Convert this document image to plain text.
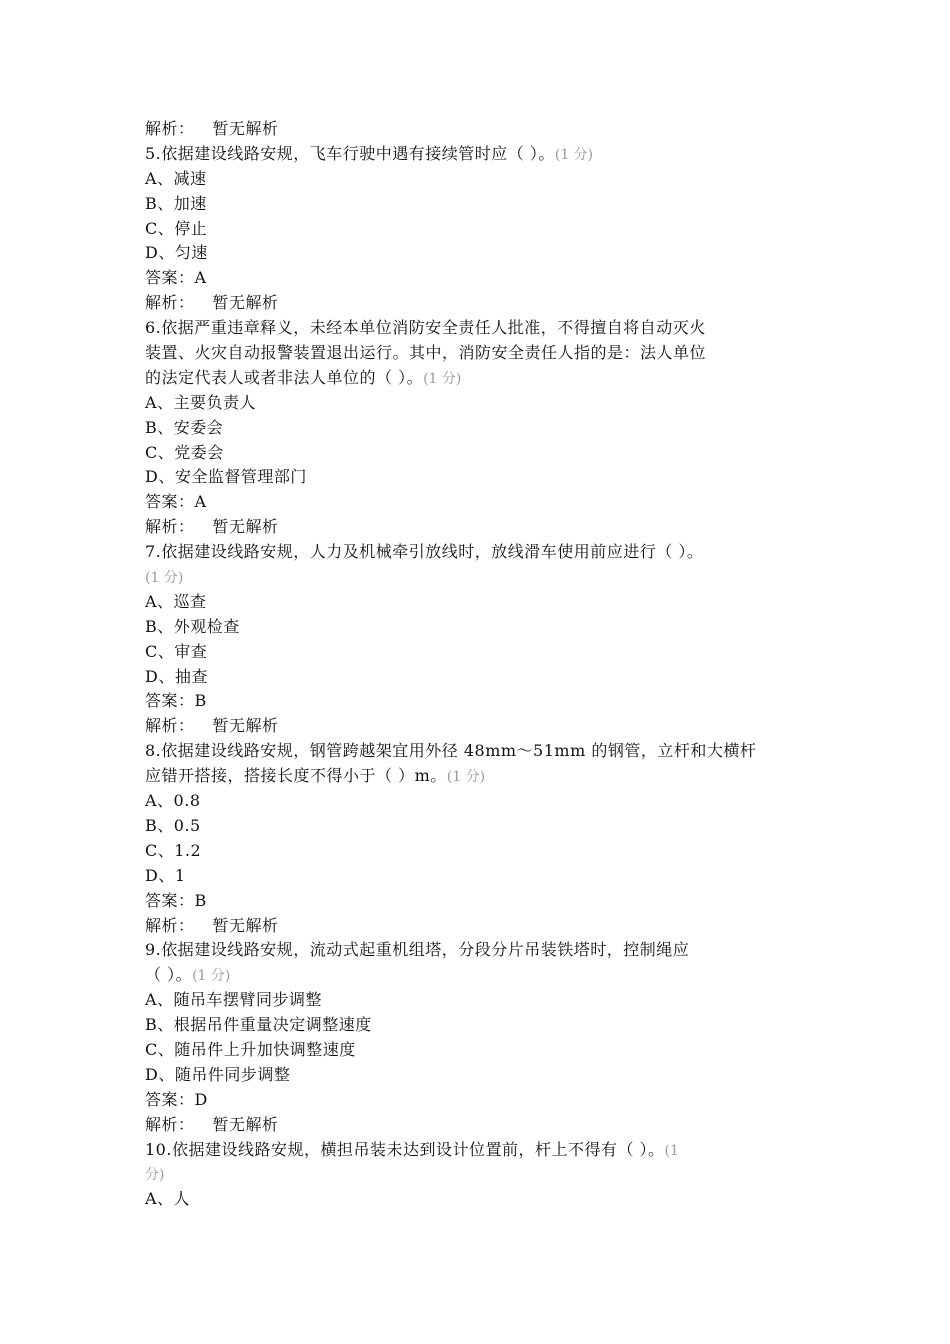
解析： 暂无解析
5.依据建设线路安规，飞车行驶中遇有接续管时应（ ）。(1 分)
A、减速
B、加速
C、停止
D、匀速
答案：A
解析： 暂无解析
6.依据严重违章释义，未经本单位消防安全责任人批准，不得擅自将自动灭火
装置、火灾自动报警装置退出运行。其中，消防安全责任人指的是：法人单位
的法定代表人或者非法人单位的（ ）。(1 分)
A、主要负责人
B、安委会
C、党委会
D、安全监督管理部门
答案：A
解析： 暂无解析
7.依据建设线路安规，人力及机械牵引放线时，放线滑车使用前应进行（ ）。
(1 分)
A、巡查
B、外观检查
C、审查
D、抽查
答案：B
解析： 暂无解析
8.依据建设线路安规，钢管跨越架宜用外径 48mm～51mm 的钢管，立杆和大横杆
应错开搭接，搭接长度不得小于（ ）m。(1 分)
A、0.8
B、0.5
C、1.2
D、1
答案：B
解析： 暂无解析
9.依据建设线路安规，流动式起重机组塔，分段分片吊装铁塔时，控制绳应
（ ）。(1 分)
A、随吊车摆臂同步调整
B、根据吊件重量决定调整速度
C、随吊件上升加快调整速度
D、随吊件同步调整
答案：D
解析： 暂无解析
10.依据建设线路安规，横担吊装未达到设计位置前，杆上不得有（ ）。(1
分)
A、人
